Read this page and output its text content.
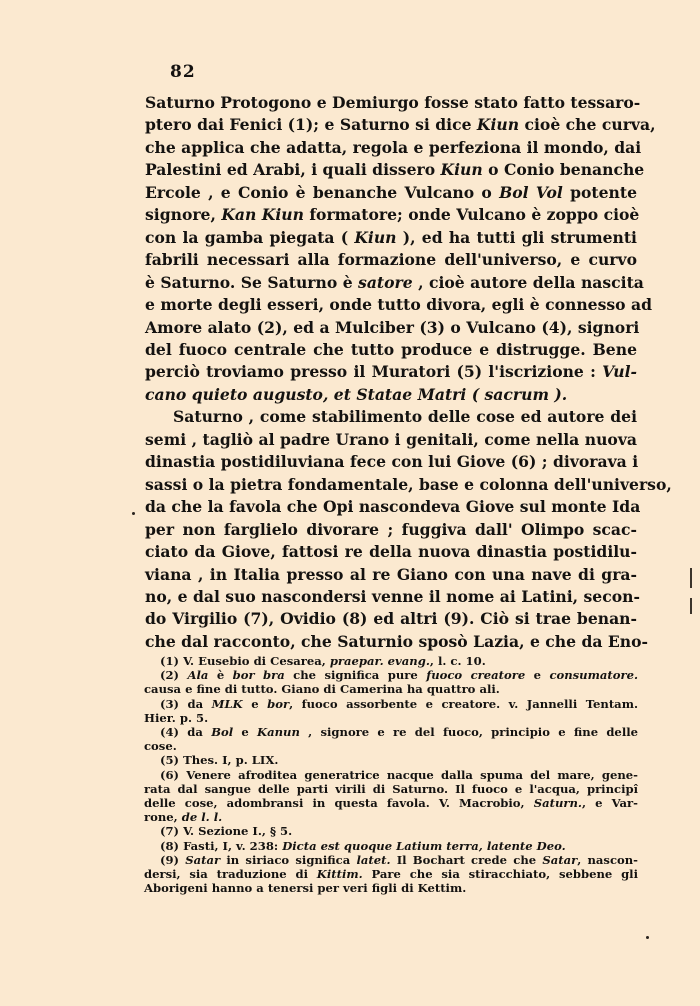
82
Saturno Protogono e Demiurgo fosse stato fatto tessaro-
ptero dai Fenici (1); e Saturno si dice Kiun cioè che curva,
che applica che adatta, regola e perfeziona il mondo, dai
Palestini ed Arabi, i quali dissero Kiun o Conio benanche
Ercole , e Conio è benanche Vulcano o Bol Vol potente
signore, Kan Kiun formatore; onde Vulcano è zoppo cioè
con la gamba piegata ( Kiun ), ed ha tutti gli strumenti
fabrili necessari alla formazione dell'universo, e curvo
è Saturno. Se Saturno è satore , cioè autore della nascita
e morte degli esseri, onde tutto divora, egli è connesso ad
Amore alato (2), ed a Mulciber (3) o Vulcano (4), signori
del fuoco centrale che tutto produce e distrugge. Bene
perciò troviamo presso il Muratori (5) l'iscrizione : Vul-
cano quieto augusto, et Statae Matri ( sacrum ).
Saturno , come stabilimento delle cose ed autore dei
semi , tagliò al padre Urano i genitali, come nella nuova
dinastia postidiluviana fece con lui Giove (6) ; divorava i
sassi o la pietra fondamentale, base e colonna dell'universo,
da che la favola che Opi nascondeva Giove sul monte Ida
per non farglielo divorare ; fuggiva dall' Olimpo scac-
ciato da Giove, fattosi re della nuova dinastia postidilu-
viana , in Italia presso al re Giano con una nave di gra-
no, e dal suo nascondersi venne il nome ai Latini, secon-
do Virgilio (7), Ovidio (8) ed altri (9). Ciò si trae benan-
che dal racconto, che Saturnio sposò Lazia, e che da Eno-
(1) V. Eusebio di Cesarea, praepar. evang., l. c. 10.
(2) Ala è bor bra che significa pure fuoco creatore e consumatore.
causa e fine di tutto. Giano di Camerina ha quattro ali.
(3) da MLK e bor, fuoco assorbente e creatore. v. Jannelli Tentam.
Hier. p. 5.
(4) da Bol e Kanun , signore e re del fuoco, principio e fine delle
cose.
(5) Thes. I, p. LIX.
(6) Venere afroditea generatrice nacque dalla spuma del mare, gene-
rata dal sangue delle parti virili di Saturno. Il fuoco e l'acqua, principî
delle cose, adombransi in questa favola. V. Macrobio, Saturn., e Var-
rone, de l. l.
(7) V. Sezione I., § 5.
(8) Fasti, I, v. 238: Dicta est quoque Latium terra, latente Deo.
(9) Satar in siriaco significa latet. Il Bochart crede che Satar, nascon-
dersi, sia traduzione di Kittim. Pare che sia stiracchiato, sebbene gli
Aborigeni hanno a tenersi per veri figli di Kettim.
